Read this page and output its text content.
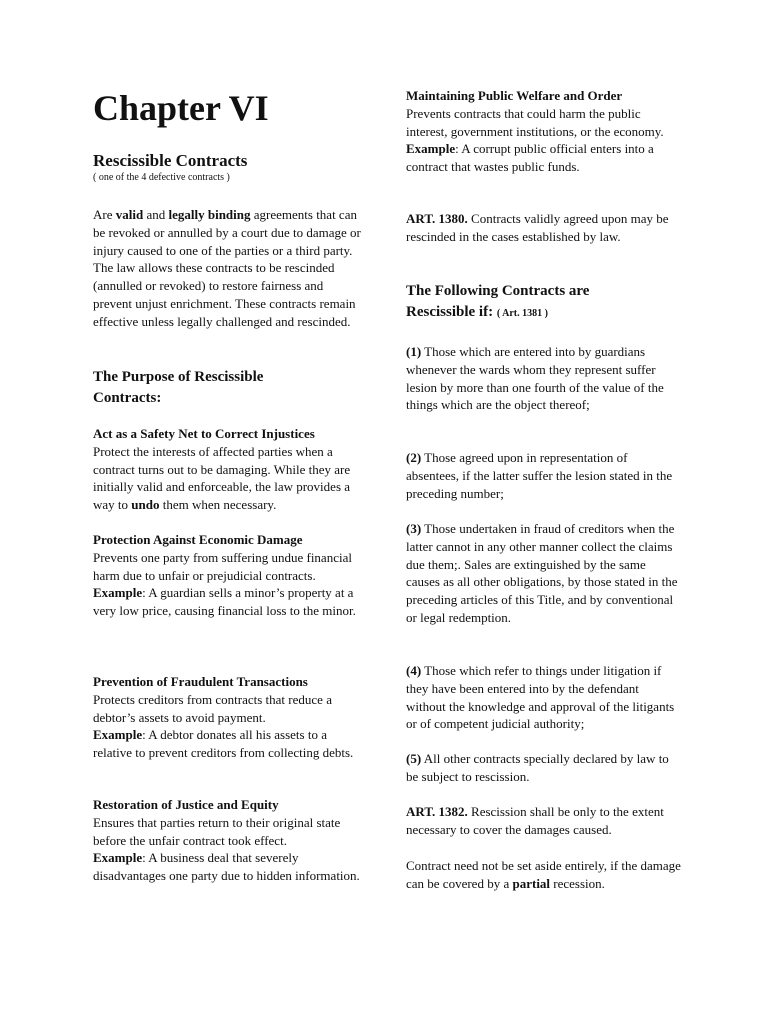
Chapter VI

Rescissible Contracts

( one of the 4 defective contracts )

Are valid and legally binding agreements that can be revoked or annulled by a court due to damage or injury caused to one of the parties or a third party. The law allows these contracts to be rescinded (annulled or revoked) to restore fairness and prevent unjust enrichment. These contracts remain effective unless legally challenged and rescinded.

The Purpose of Rescissible Contracts:

Act as a Safety Net to Correct Injustices

Protect the interests of affected parties when a contract turns out to be damaging. While they are initially valid and enforceable, the law provides a way to undo them when necessary.

Protection Against Economic Damage

Prevents one party from suffering undue financial harm due to unfair or prejudicial contracts.

Example: A guardian sells a minor’s property at a very low price, causing financial loss to the minor.

Prevention of Fraudulent Transactions

Protects creditors from contracts that reduce a debtor’s assets to avoid payment.

Example: A debtor donates all his assets to a relative to prevent creditors from collecting debts.

Restoration of Justice and Equity

Ensures that parties return to their original state before the unfair contract took effect.

Example: A business deal that severely disadvantages one party due to hidden information.

Maintaining Public Welfare and Order

Prevents contracts that could harm the public interest, government institutions, or the economy.

Example: A corrupt public official enters into a contract that wastes public funds.

ART. 1380. Contracts validly agreed upon may be rescinded in the cases established by law.

The Following Contracts are

Rescissible if: ( Art. 1381 )

(1) Those which are entered into by guardians whenever the wards whom they represent suffer lesion by more than one fourth of the value of the things which are the object thereof;

(2) Those agreed upon in representation of absentees, if the latter suffer the lesion stated in the preceding number;

(3) Those undertaken in fraud of creditors when the latter cannot in any other manner collect the claims due them;. Sales are extinguished by the same causes as all other obligations, by those stated in the preceding articles of this Title, and by conventional or legal redemption.

(4) Those which refer to things under litigation if they have been entered into by the defendant without the knowledge and approval of the litigants or of competent judicial authority;

(5) All other contracts specially declared by law to be subject to rescission.

ART. 1382. Rescission shall be only to the extent necessary to cover the damages caused.

Contract need not be set aside entirely, if the damage can be covered by a partial recession.
